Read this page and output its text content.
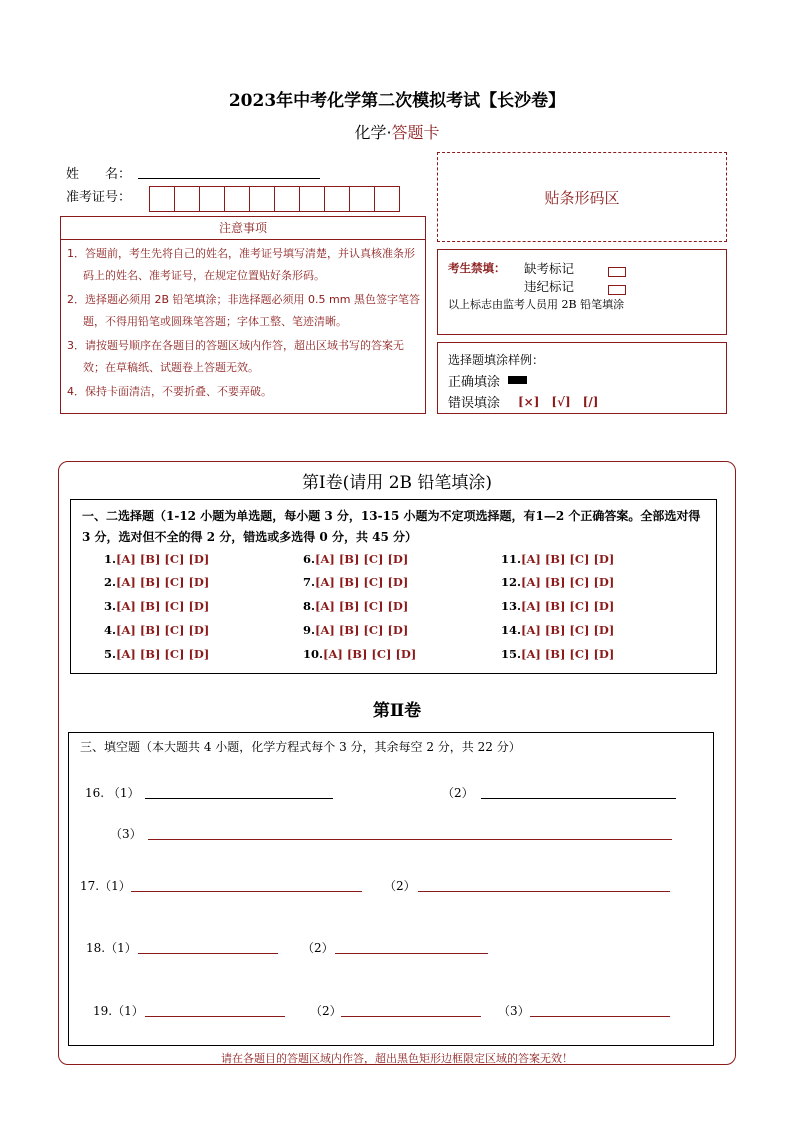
2023年中考化学第二次模拟考试【长沙卷】
化学·答题卡
姓　　名：
准考证号：	贴条形码区
注意事项
1．答题前，考生先将自己的姓名，准考证号填写清楚，并认真核准条形码上的姓名、准考证号，在规定位置贴好条形码。
2．选择题必须用 2B 铅笔填涂；非选择题必须用 0.5 mm 黑色签字笔答题，不得用铅笔或圆珠笔答题；字体工整、笔迹清晰。
3．请按题号顺序在各题目的答题区域内作答，超出区域书写的答案无效；在草稿纸、试题卷上答题无效。
4．保持卡面清洁，不要折叠、不要弄破。
考生禁填： 缺考标记
违纪标记
以上标志由监考人员用 2B 铅笔填涂
选择题填涂样例：
正确填涂
错误填涂 [×]　[√]　[/]
第Ⅰ卷(请用 2B 铅笔填涂)
一、二选择题（1-12 小题为单选题，每小题 3 分，13-15 小题为不定项选择题，有1—2 个正确答案。全部选对得 3 分，选对但不全的得 2 分，错选或多选得 0 分，共 45 分）
1.[A] [B] [C] [D]
2.[A] [B] [C] [D]
3.[A] [B] [C] [D]
4.[A] [B] [C] [D]
5.[A] [B] [C] [D]
6.[A] [B] [C] [D]
7.[A] [B] [C] [D]
8.[A] [B] [C] [D]
9.[A] [B] [C] [D]
10.[A] [B] [C] [D]
11.[A] [B] [C] [D]
12.[A] [B] [C] [D]
13.[A] [B] [C] [D]
14.[A] [B] [C] [D]
15.[A] [B] [C] [D]
第Ⅱ卷
三、填空题（本大题共 4 小题，化学方程式每个 3 分，其余每空 2 分，共 22 分）
16. （1）	（2）
（3）
17.（1）	（2）
18.（1）	（2）
19.（1）	（2）	（3）
请在各题目的答题区域内作答，超出黑色矩形边框限定区域的答案无效！
